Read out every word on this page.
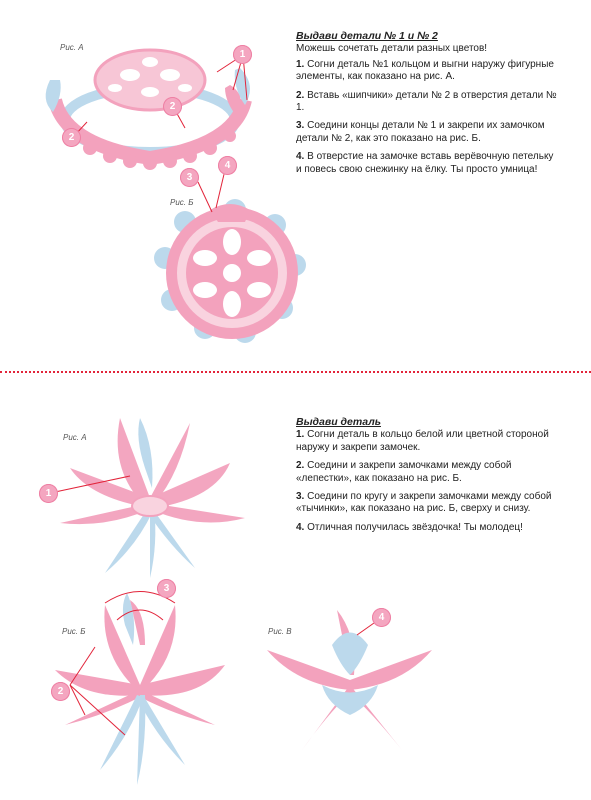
Рис. А
1
2
2
Выдави детали № 1 и № 2

Можешь сочетать детали разных цветов!

1. Согни деталь №1 кольцом и выгни наружу фигурные элементы, как показано на рис. А.

2. Вставь «шипчики» детали № 2 в отверстия детали № 1.

3. Соедини концы детали № 1 и закрепи их замочком детали № 2, как это показано на рис. Б.

4. В отверстие на замочке вставь верёвочную петельку и повесь свою снежинку на ёлку. Ты просто умница!

Рис. Б
3
4
Рис. А
1
Выдави деталь

1. Согни деталь в кольцо белой или цветной стороной наружу и закрепи замочек.

2. Соедини и закрепи замочками между собой «лепестки», как показано на рис. Б.

3. Соедини по кругу и закрепи замочками между собой «тычинки», как показано на рис. Б, сверху и снизу.

4. Отличная получилась звёздочка! Ты молодец!

Рис. Б
3
2
Рис. В
4
